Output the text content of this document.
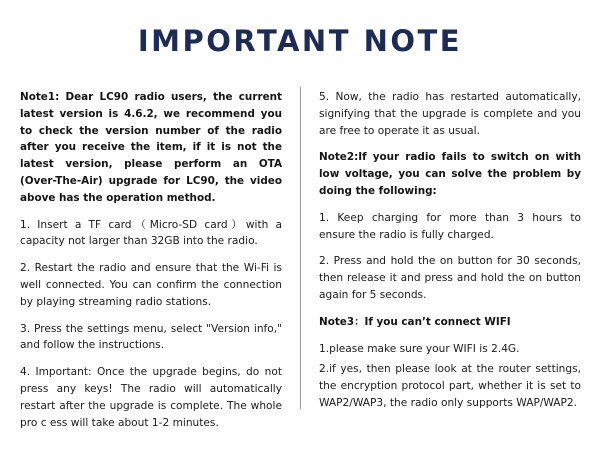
IMPORTANT NOTE

Note1: Dear LC90 radio users, the current latest version is 4.6.2, we recommend you to check the version number of the radio after you receive the item, if it is not the latest version, please perform an OTA (Over-The-Air) upgrade for LC90, the video above has the operation method.

1. Insert a TF card（Micro-SD card）with a capacity not larger than 32GB into the radio.

2. Restart the radio and ensure that the Wi-Fi is well connected. You can confirm the connection by playing streaming radio stations.

3. Press the settings menu, select "Version info," and follow the instructions.

4. Important: Once the upgrade begins, do not press any keys! The radio will automatically restart after the upgrade is complete. The whole pro c ess will take about 1-2 minutes.

5. Now, the radio has restarted automatically, signifying that the upgrade is complete and you are free to operate it as usual.

Note2:If your radio fails to switch on with low voltage, you can solve the problem by doing the following:

1. Keep charging for more than 3 hours to ensure the radio is fully charged.

2. Press and hold the on button for 30 seconds, then release it and press and hold the on button again for 5 seconds.

Note3：If you can’t connect WIFI

1.please make sure your WIFI is 2.4G.

2.if yes, then please look at the router settings, the encryption protocol part, whether it is set to WAP2/WAP3, the radio only supports WAP/WAP2.
